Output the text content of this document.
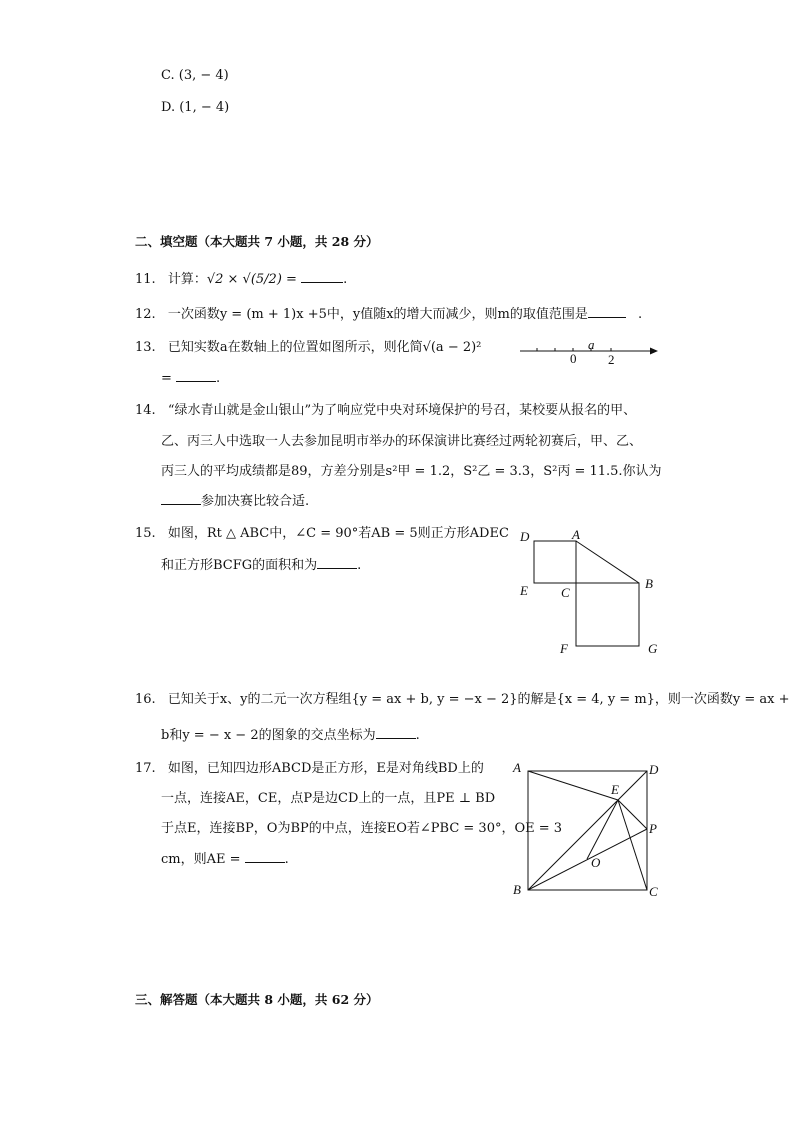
C. (3, − 4)
D. (1, − 4)
二、填空题（本大题共 7 小题，共 28 分）
11. 计算：√2 × √(5/2) =	.
12. 一次函数y = (m + 1)x +5中，y值随x的增大而减少，则m的取值范围是	.
13. 已知实数a在数轴上的位置如图所示，则化简√(a − 2)²
=	.
0
a
2
14. “绿水青山就是金山银山”为了响应党中央对环境保护的号召，某校要从报名的甲、
乙、丙三人中选取一人去参加昆明市举办的环保演讲比赛经过两轮初赛后，甲、乙、
丙三人的平均成绩都是89，方差分别是s²甲 = 1.2，S²乙 = 3.3，S²丙 = 11.5.你认为
参加决赛比较合适.
15. 如图，Rt △ ABC中，∠C = 90°若AB = 5则正方形ADEC
和正方形BCFG的面积和为	.
D	A
E	C
B
F	G
16. 已知关于x、y的二元一次方程组{y = ax + b, y = −x − 2}的解是{x = 4, y = m}，则一次函数y = ax +
b和y = − x − 2的图象的交点坐标为	.
17. 如图，已知四边形ABCD是正方形，E是对角线BD上的
一点，连接AE，CE，点P是边CD上的一点，且PE ⊥ BD
于点E，连接BP，O为BP的中点，连接EO若∠PBC = 30°，OE = 3
cm，则AE =	.
A	D
E
P
O
B	C
三、解答题（本大题共 8 小题，共 62 分）
